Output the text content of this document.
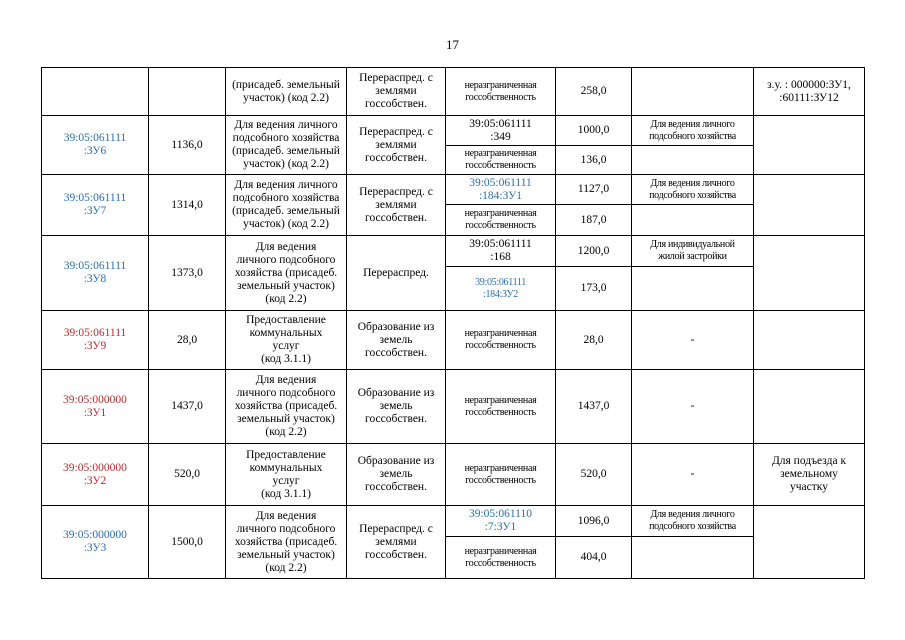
17
		(присадеб. земельный
участок) (код 2.2)	Перераспред. с
землями
госсобствен.	неразграниченная
госсобственность	258,0		з.у. : 000000:ЗУ1,
:60111:ЗУ12
39:05:061111
:ЗУ6	1136,0	Для ведения личного
подсобного хозяйства
(присадеб. земельный
участок) (код 2.2)	Перераспред. с
землями
госсобствен.	39:05:061111
:349	1000,0	Для ведения личного
подсобного хозяйства	
				неразграниченная
госсобственность	136,0		
39:05:061111
:ЗУ7	1314,0	Для ведения личного
подсобного хозяйства
(присадеб. земельный
участок) (код 2.2)	Перераспред. с
землями
госсобствен.	39:05:061111
:184:ЗУ1	1127,0	Для ведения личного
подсобного хозяйства	
				неразграниченная
госсобственность	187,0		
39:05:061111
:ЗУ8	1373,0	Для ведения
личного подсобного
хозяйства (присадеб.
земельный участок)
(код 2.2)	Перераспред.	39:05:061111
:168	1200,0	Для индивидуальной
жилой застройки	
				39:05:061111
:184:ЗУ2	173,0		
39:05:061111
:ЗУ9	28,0	Предоставление
коммунальных
услуг
(код 3.1.1)	Образование из
земель
госсобствен.	неразграниченная
госсобственность	28,0	-	
39:05:000000
:ЗУ1	1437,0	Для ведения
личного подсобного
хозяйства (присадеб.
земельный участок)
(код 2.2)	Образование из
земель
госсобствен.	неразграниченная
госсобственность	1437,0	-	
39:05:000000
:ЗУ2	520,0	Предоставление
коммунальных
услуг
(код 3.1.1)	Образование из
земель
госсобствен.	неразграниченная
госсобственность	520,0	-	Для подъезда к
земельному
участку
39:05:000000
:ЗУ3	1500,0	Для ведения
личного подсобного
хозяйства (присадеб.
земельный участок)
(код 2.2)	Перераспред. с
землями
госсобствен.	39:05:061110
:7:ЗУ1	1096,0	Для ведения личного
подсобного хозяйства	
				неразграниченная
госсобственность	404,0		
